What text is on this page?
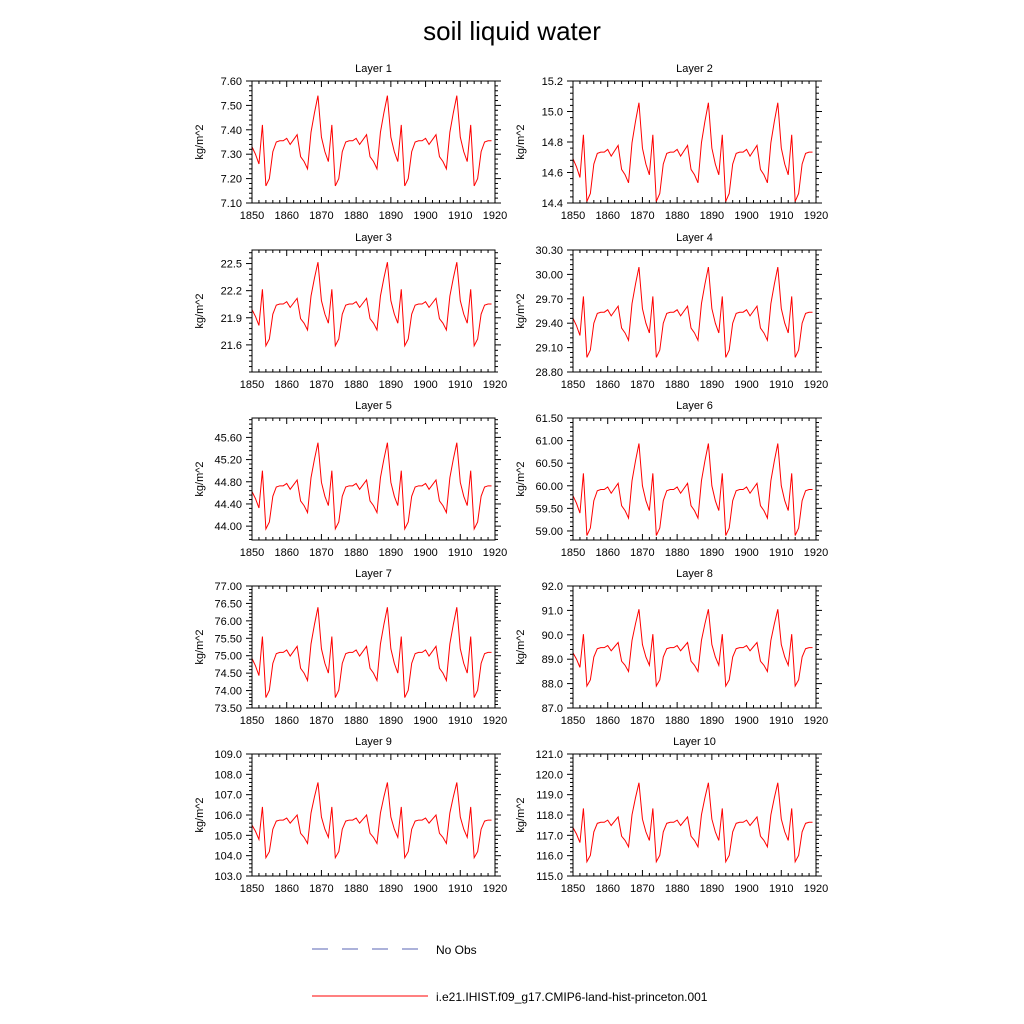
soil liquid water
Layer 1
kg/m^2
1850 1860 1870 1880 1890 1900 1910 1920
7.10
7.20
7.30
7.40
7.50
7.60
Layer 2
kg/m^2
1850 1860 1870 1880 1890 1900 1910 1920
14.4
14.6
14.8
15.0
15.2
Layer 3
kg/m^2
1850 1860 1870 1880 1890 1900 1910 1920
21.6
21.9
22.2
22.5
Layer 4
kg/m^2
1850 1860 1870 1880 1890 1900 1910 1920
28.80
29.10
29.40
29.70
30.00
30.30
Layer 5
kg/m^2
1850 1860 1870 1880 1890 1900 1910 1920
44.00
44.40
44.80
45.20
45.60
Layer 6
kg/m^2
1850 1860 1870 1880 1890 1900 1910 1920
59.00
59.50
60.00
60.50
61.00
61.50
Layer 7
kg/m^2
1850 1860 1870 1880 1890 1900 1910 1920
73.50
74.00
74.50
75.00
75.50
76.00
76.50
77.00
Layer 8
kg/m^2
1850 1860 1870 1880 1890 1900 1910 1920
87.0
88.0
89.0
90.0
91.0
92.0
Layer 9
kg/m^2
1850 1860 1870 1880 1890 1900 1910 1920
103.0
104.0
105.0
106.0
107.0
108.0
109.0
Layer 10
kg/m^2
1850 1860 1870 1880 1890 1900 1910 1920
115.0
116.0
117.0
118.0
119.0
120.0
121.0
No Obs
i.e21.IHIST.f09_g17.CMIP6-land-hist-princeton.001
